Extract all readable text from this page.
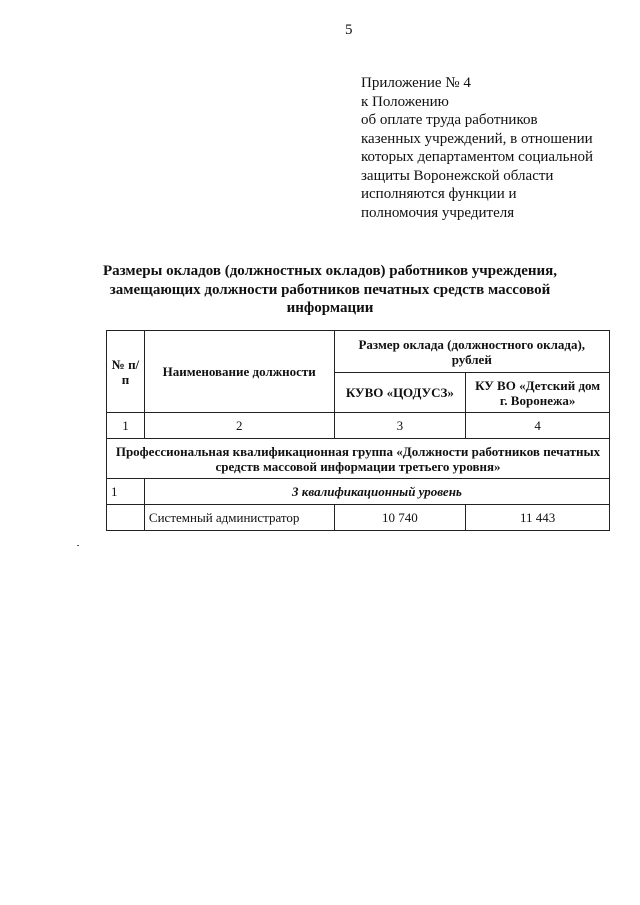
5
Приложение № 4
к Положению
об оплате труда работников
казенных учреждений, в отношении
которых департаментом социальной
защиты Воронежской области
исполняются функции и
полномочия учредителя
Размеры окладов (должностных окладов) работников учреждения,
замещающих должности работников печатных средств массовой
информации
№ п/п	Наименование должности	Размер оклада (должностного оклада), рублей	
		КУВО «ЦОДУСЗ»	КУ ВО «Детский дом г. Воронежа»
1	2	3	4
Профессиональная квалификационная группа «Должности работников печатных средств массовой информации третьего уровня»			
1	3 квалификационный уровень		
	Системный администратор	10 740	11 443
